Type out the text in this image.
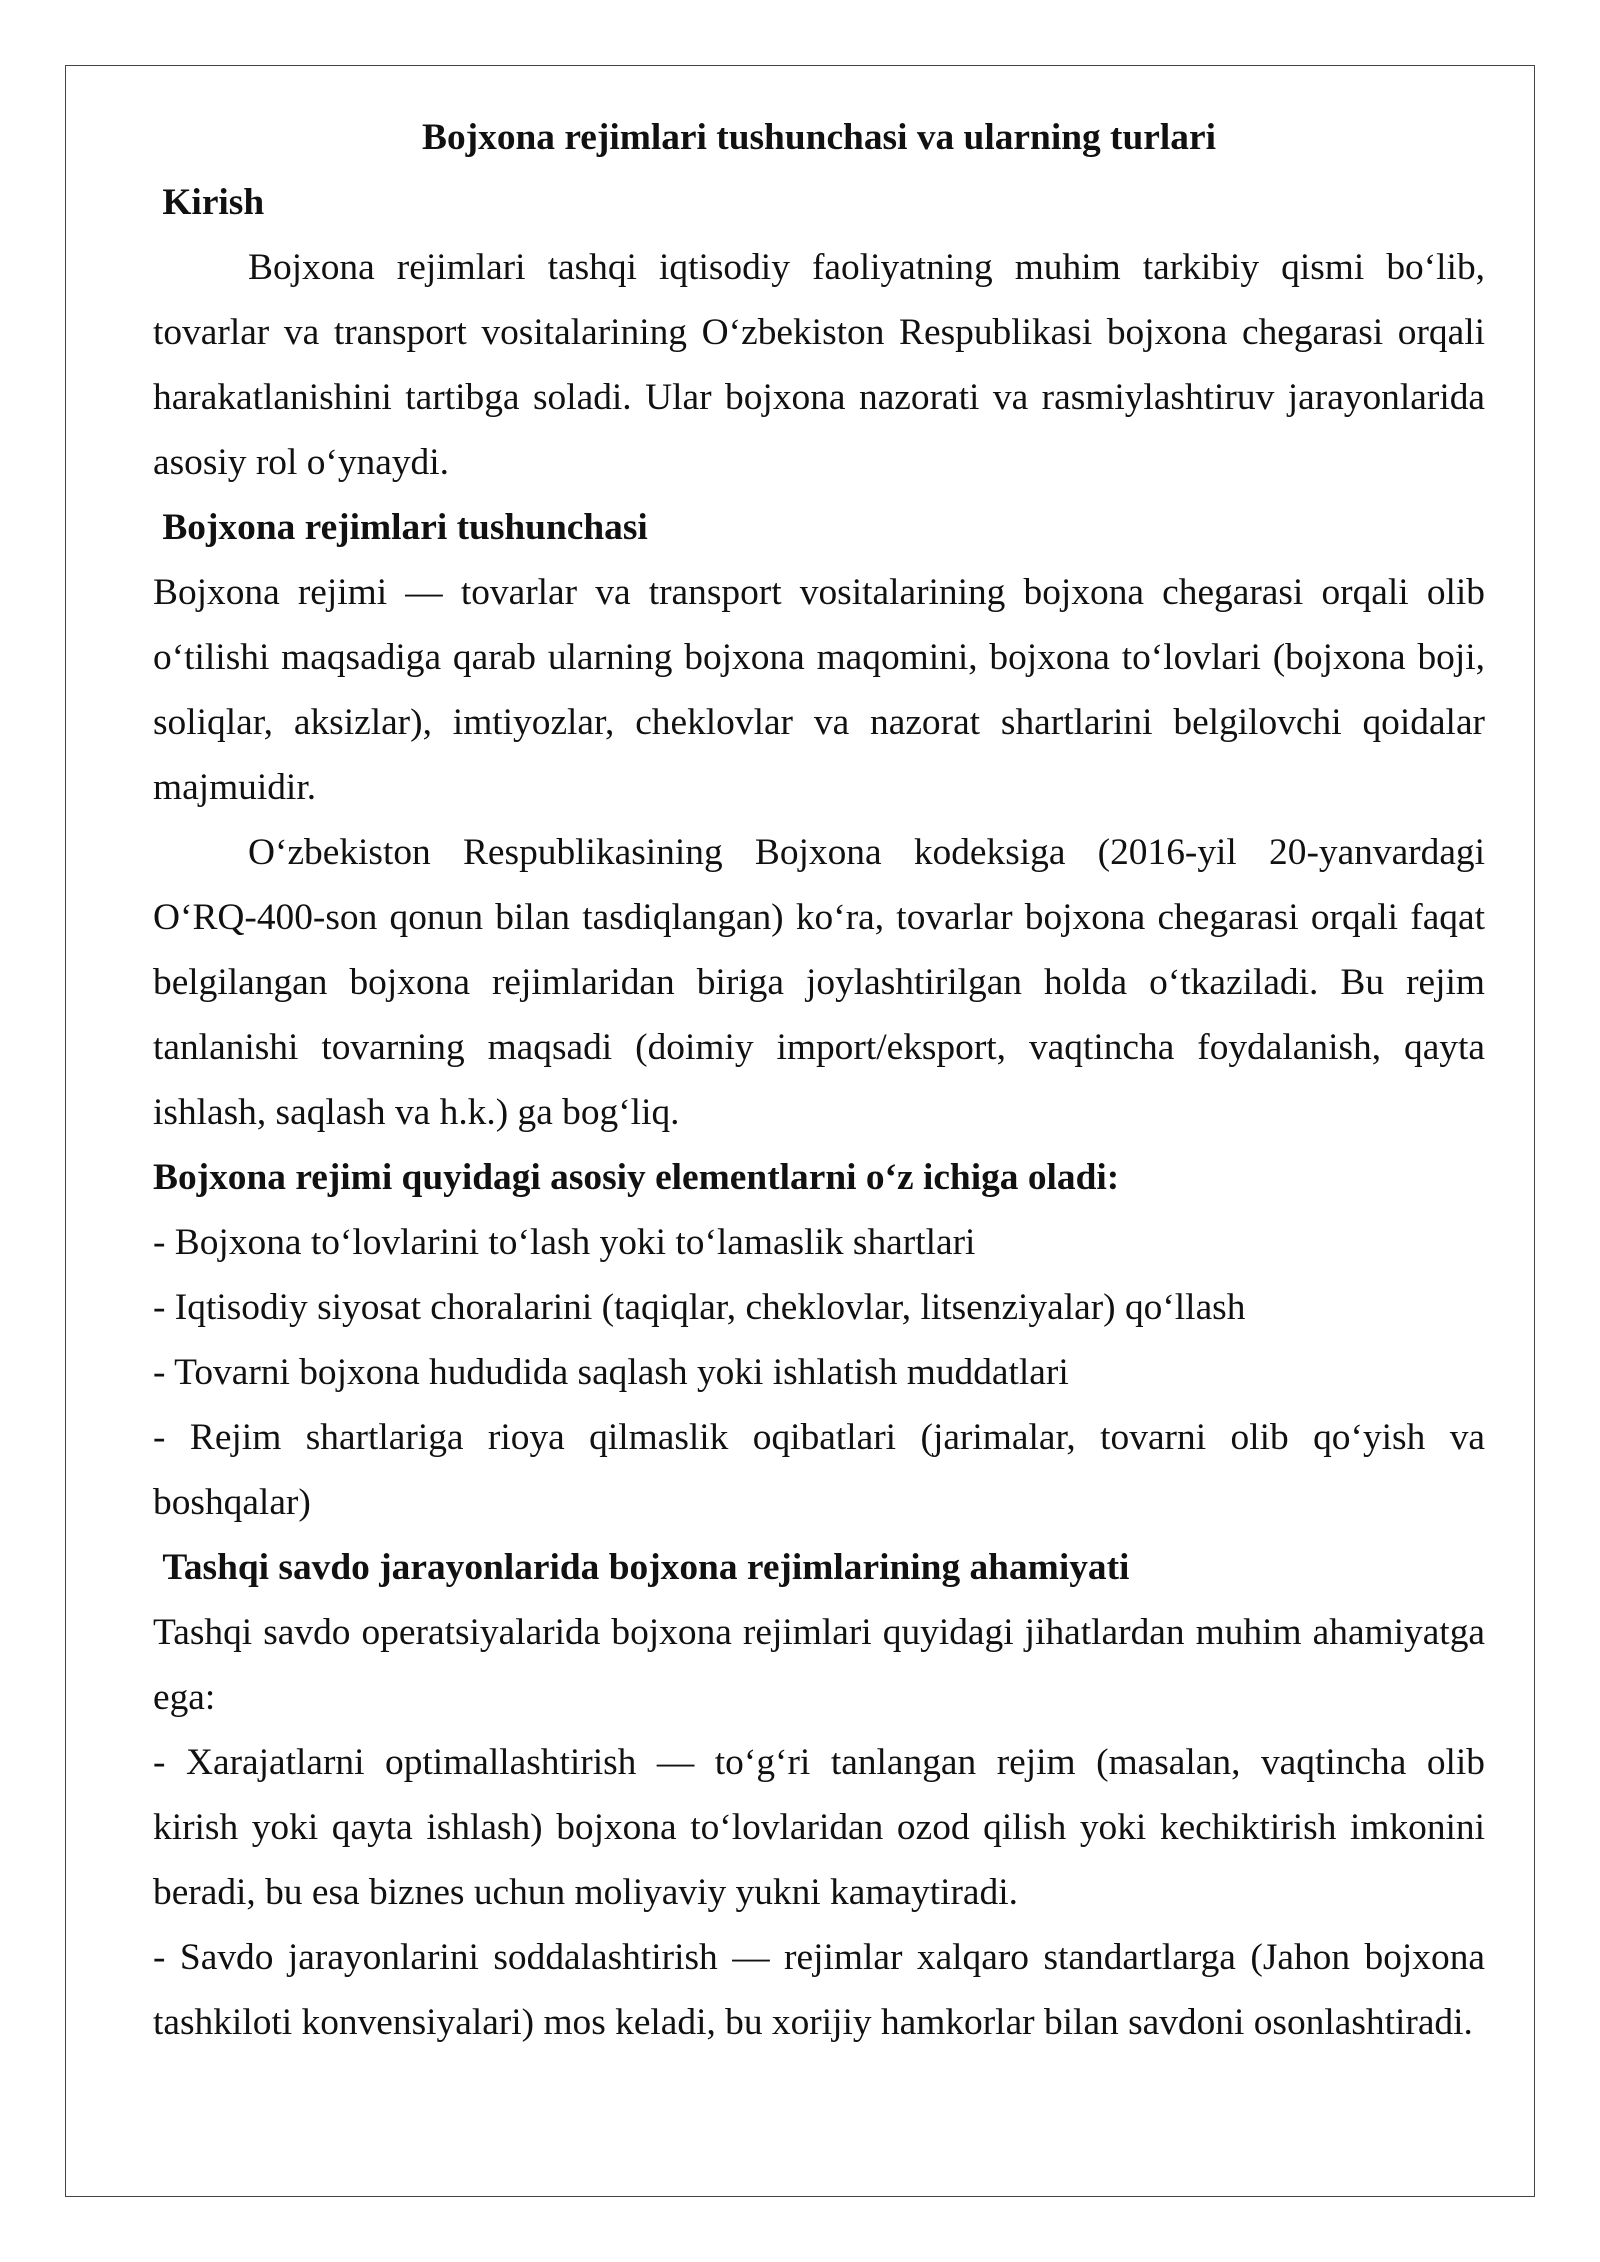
Bojxona rejimlari tushunchasi va ularning turlari
Kirish
Bojxona rejimlari tashqi iqtisodiy faoliyatning muhim tarkibiy qismi bo‘lib,
tovarlar va transport vositalarining O‘zbekiston Respublikasi bojxona chegarasi orqali
harakatlanishini tartibga soladi. Ular bojxona nazorati va rasmiylashtiruv jarayonlarida
asosiy rol o‘ynaydi.
Bojxona rejimlari tushunchasi
Bojxona rejimi — tovarlar va transport vositalarining bojxona chegarasi orqali olib
o‘tilishi maqsadiga qarab ularning bojxona maqomini, bojxona to‘lovlari (bojxona boji,
soliqlar, aksizlar), imtiyozlar, cheklovlar va nazorat shartlarini belgilovchi qoidalar
majmuidir.
O‘zbekiston Respublikasining Bojxona kodeksiga (2016-yil 20-yanvardagi
O‘RQ-400-son qonun bilan tasdiqlangan) ko‘ra, tovarlar bojxona chegarasi orqali faqat
belgilangan bojxona rejimlaridan biriga joylashtirilgan holda o‘tkaziladi. Bu rejim
tanlanishi tovarning maqsadi (doimiy import/eksport, vaqtincha foydalanish, qayta
ishlash, saqlash va h.k.) ga bog‘liq.
Bojxona rejimi quyidagi asosiy elementlarni o‘z ichiga oladi:
- Bojxona to‘lovlarini to‘lash yoki to‘lamaslik shartlari
- Iqtisodiy siyosat choralarini (taqiqlar, cheklovlar, litsenziyalar) qo‘llash
- Tovarni bojxona hududida saqlash yoki ishlatish muddatlari
- Rejim shartlariga rioya qilmaslik oqibatlari (jarimalar, tovarni olib qo‘yish va
boshqalar)
Tashqi savdo jarayonlarida bojxona rejimlarining ahamiyati
Tashqi savdo operatsiyalarida bojxona rejimlari quyidagi jihatlardan muhim ahamiyatga
ega:
- Xarajatlarni optimallashtirish — to‘g‘ri tanlangan rejim (masalan, vaqtincha olib
kirish yoki qayta ishlash) bojxona to‘lovlaridan ozod qilish yoki kechiktirish imkonini
beradi, bu esa biznes uchun moliyaviy yukni kamaytiradi.
- Savdo jarayonlarini soddalashtirish — rejimlar xalqaro standartlarga (Jahon bojxona
tashkiloti konvensiyalari) mos keladi, bu xorijiy hamkorlar bilan savdoni osonlashtiradi.
